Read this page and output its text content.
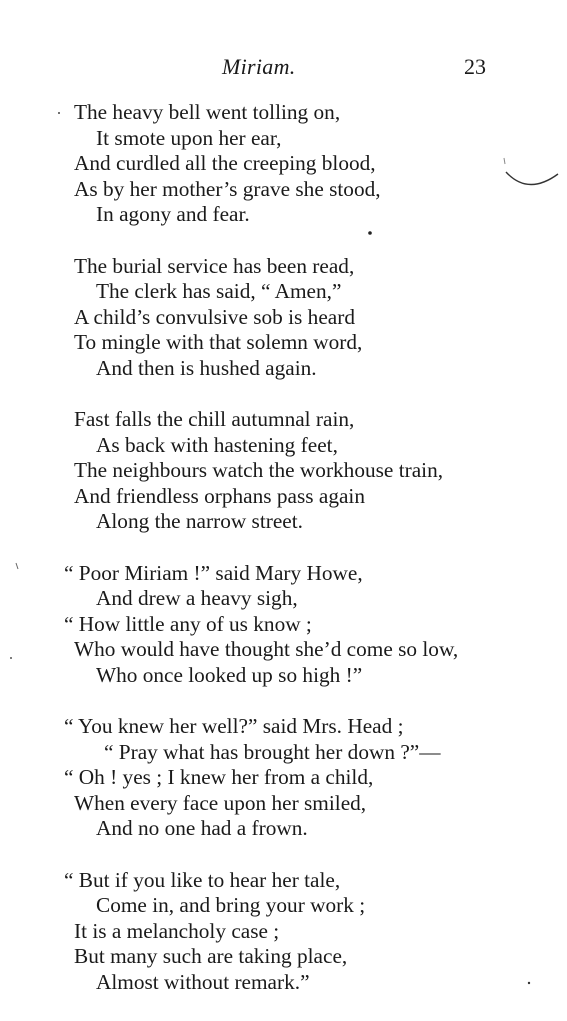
Miriam.	23
The heavy bell went tolling on,
It smote upon her ear,
And curdled all the creeping blood,
As by her mother’s grave she stood,
In agony and fear.
The burial service has been read,
The clerk has said, “ Amen,”
A child’s convulsive sob is heard
To mingle with that solemn word,
And then is hushed again.
Fast falls the chill autumnal rain,
As back with hastening feet,
The neighbours watch the workhouse train,
And friendless orphans pass again
Along the narrow street.
“ Poor Miriam !” said Mary Howe,
And drew a heavy sigh,
“ How little any of us know ;
Who would have thought she’d come so low,
Who once looked up so high !”
“ You knew her well?” said Mrs. Head ;
“ Pray what has brought her down ?”—
“ Oh ! yes ; I knew her from a child,
When every face upon her smiled,
And no one had a frown.
“ But if you like to hear her tale,
Come in, and bring your work ;
It is a melancholy case ;
But many such are taking place,
Almost without remark.”
